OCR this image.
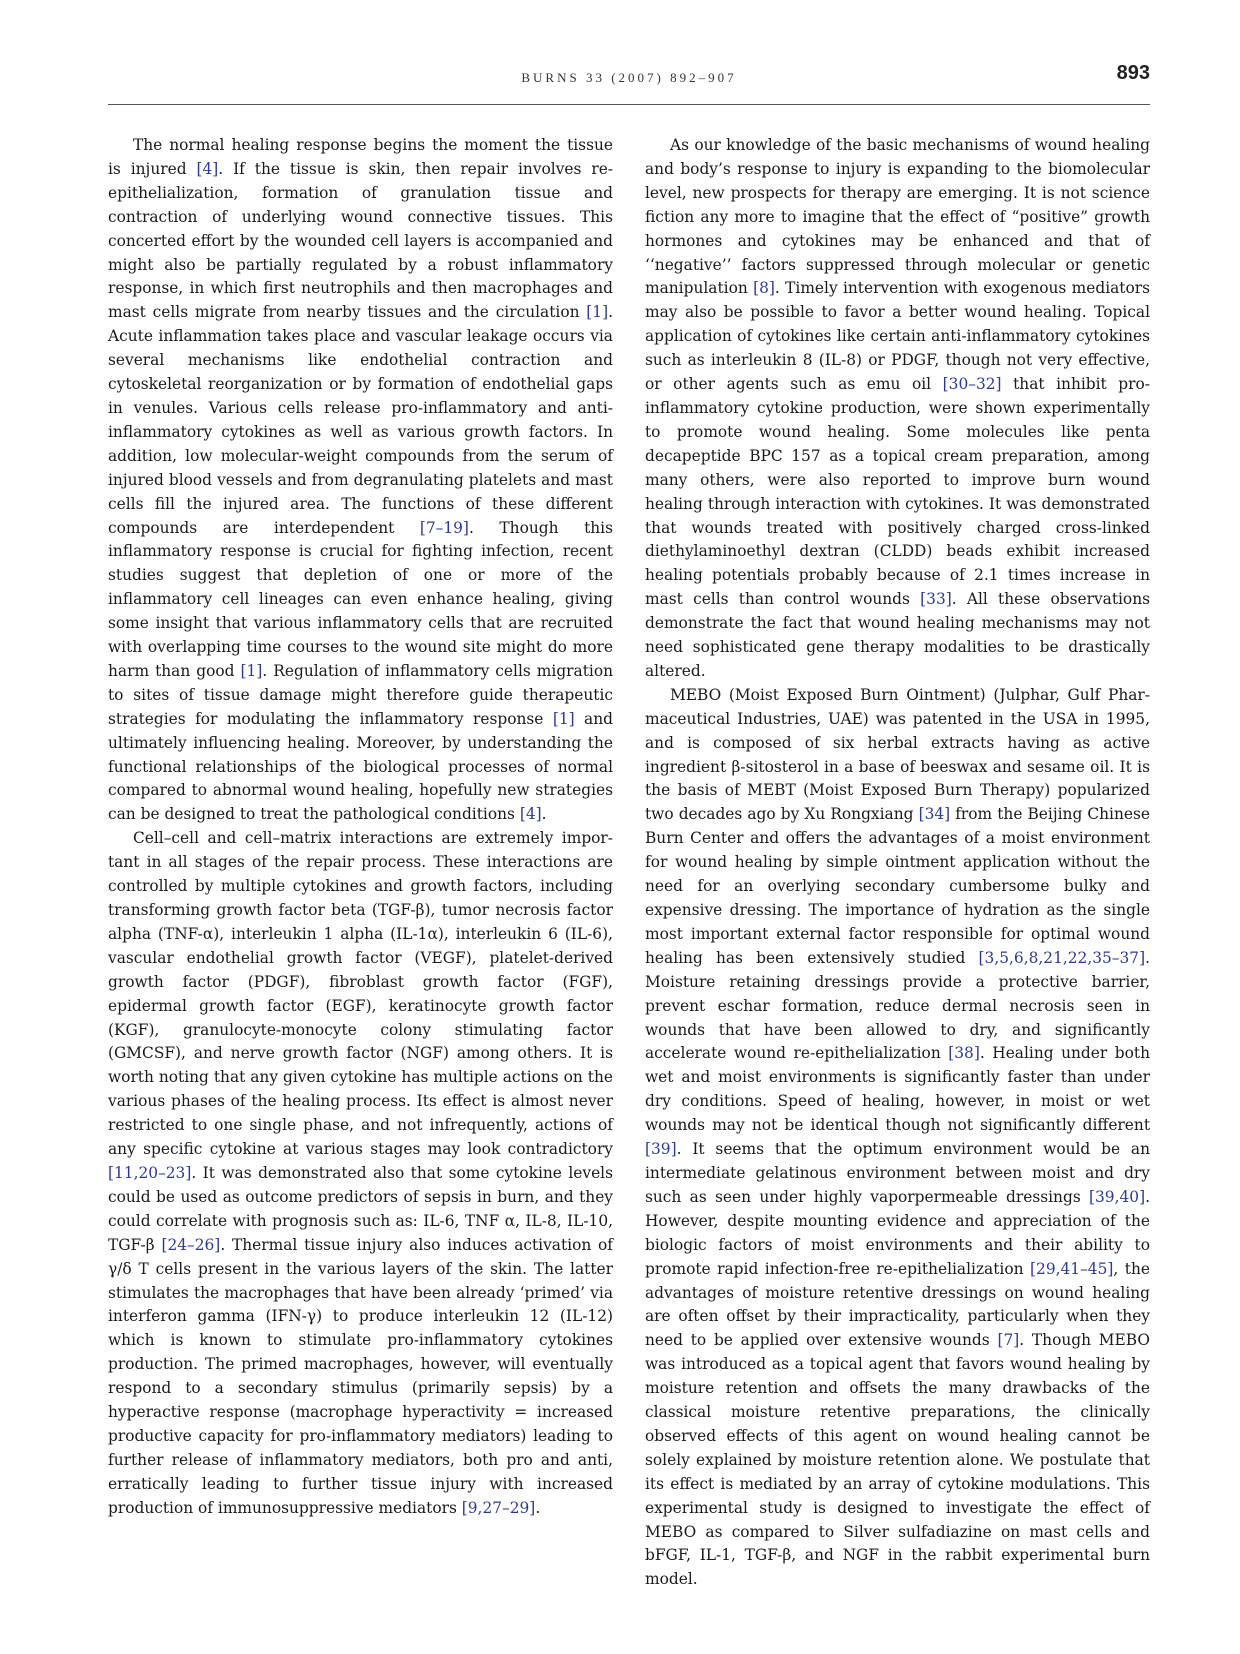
BURNS 33 (2007) 892–907	893

The normal healing response begins the moment the tissue is injured [4]. If the tissue is skin, then repair involves re-epithelialization, formation of granulation tissue and contraction of underlying wound connective tissues. This concerted effort by the wounded cell layers is accompanied and might also be partially regulated by a robust inflammatory response, in which first neutrophils and then macrophages and mast cells migrate from nearby tissues and the circulation [1]. Acute inflammation takes place and vascular leakage occurs via several mechanisms like endothelial contraction and cytoskeletal reorganization or by formation of endothelial gaps in venules. Various cells release pro-inflammatory and anti-inflammatory cytokines as well as various growth factors. In addition, low molecular-weight compounds from the serum of injured blood vessels and from degranulating platelets and mast cells fill the injured area. The functions of these different compounds are interdependent [7–19]. Though this inflammatory response is crucial for fighting infection, recent studies suggest that depletion of one or more of the inflammatory cell lineages can even enhance healing, giving some insight that various inflammatory cells that are recruited with overlapping time courses to the wound site might do more harm than good [1]. Regulation of inflammatory cells migration to sites of tissue damage might therefore guide therapeutic strategies for modulating the inflammatory response [1] and ultimately influencing healing. Moreover, by understanding the functional relationships of the biological processes of normal compared to abnormal wound healing, hopefully new strategies can be designed to treat the pathological conditions [4].

Cell–cell and cell–matrix interactions are extremely important in all stages of the repair process. These interactions are controlled by multiple cytokines and growth factors, including transforming growth factor beta (TGF-β), tumor necrosis factor alpha (TNF-α), interleukin 1 alpha (IL-1α), interleukin 6 (IL-6), vascular endothelial growth factor (VEGF), platelet-derived growth factor (PDGF), fibroblast growth factor (FGF), epidermal growth factor (EGF), keratinocyte growth factor (KGF), granulocyte-monocyte colony stimulating factor (GMCSF), and nerve growth factor (NGF) among others. It is worth noting that any given cytokine has multiple actions on the various phases of the healing process. Its effect is almost never restricted to one single phase, and not infrequently, actions of any specific cytokine at various stages may look contradictory [11,20–23]. It was demonstrated also that some cytokine levels could be used as outcome predictors of sepsis in burn, and they could correlate with prognosis such as: IL-6, TNF α, IL-8, IL-10, TGF-β [24–26]. Thermal tissue injury also induces activation of γ/δ T cells present in the various layers of the skin. The latter stimulates the macrophages that have been already ‘primed’ via interferon gamma (IFN-γ) to produce interleukin 12 (IL-12) which is known to stimulate pro-inflammatory cytokines production. The primed macrophages, however, will eventually respond to a secondary stimulus (primarily sepsis) by a hyperactive response (macrophage hyperactivity = increased productive capacity for pro-inflammatory mediators) leading to further release of inflammatory mediators, both pro and anti, erratically leading to further tissue injury with increased production of immunosuppressive mediators [9,27–29].

As our knowledge of the basic mechanisms of wound healing and body’s response to injury is expanding to the biomolecular level, new prospects for therapy are emerging. It is not science fiction any more to imagine that the effect of “positive” growth hormones and cytokines may be enhanced and that of ‘‘negative’’ factors suppressed through molecular or genetic manipulation [8]. Timely intervention with exogenous mediators may also be possible to favor a better wound healing. Topical application of cytokines like certain anti-inflammatory cytokines such as interleukin 8 (IL-8) or PDGF, though not very effective, or other agents such as emu oil [30–32] that inhibit pro-inflammatory cytokine production, were shown experimentally to promote wound healing. Some molecules like penta decapeptide BPC 157 as a topical cream preparation, among many others, were also reported to improve burn wound healing through interaction with cytokines. It was demonstrated that wounds treated with positively charged cross-linked diethylaminoethyl dextran (CLDD) beads exhibit increased healing potentials probably because of 2.1 times increase in mast cells than control wounds [33]. All these observations demonstrate the fact that wound healing mechanisms may not need sophisticated gene therapy modalities to be drastically altered.

MEBO (Moist Exposed Burn Ointment) (Julphar, Gulf Pharmaceutical Industries, UAE) was patented in the USA in 1995, and is composed of six herbal extracts having as active ingredient β-sitosterol in a base of beeswax and sesame oil. It is the basis of MEBT (Moist Exposed Burn Therapy) popularized two decades ago by Xu Rongxiang [34] from the Beijing Chinese Burn Center and offers the advantages of a moist environment for wound healing by simple ointment application without the need for an overlying secondary cumbersome bulky and expensive dressing. The importance of hydration as the single most important external factor responsible for optimal wound healing has been extensively studied [3,5,6,8,21,22,35–37]. Moisture retaining dressings provide a protective barrier, prevent eschar formation, reduce dermal necrosis seen in wounds that have been allowed to dry, and significantly accelerate wound re-epithelialization [38]. Healing under both wet and moist environments is significantly faster than under dry conditions. Speed of healing, however, in moist or wet wounds may not be identical though not significantly different [39]. It seems that the optimum environment would be an intermediate gelatinous environment between moist and dry such as seen under highly vaporpermeable dressings [39,40]. However, despite mounting evidence and appreciation of the biologic factors of moist environments and their ability to promote rapid infection-free re-epithelialization [29,41–45], the advantages of moisture retentive dressings on wound healing are often offset by their impracticality, particularly when they need to be applied over extensive wounds [7]. Though MEBO was introduced as a topical agent that favors wound healing by moisture retention and offsets the many drawbacks of the classical moisture retentive preparations, the clinically observed effects of this agent on wound healing cannot be solely explained by moisture retention alone. We postulate that its effect is mediated by an array of cytokine modulations. This experimental study is designed to investigate the effect of MEBO as compared to Silver sulfadiazine on mast cells and bFGF, IL-1, TGF-β, and NGF in the rabbit experimental burn model.
